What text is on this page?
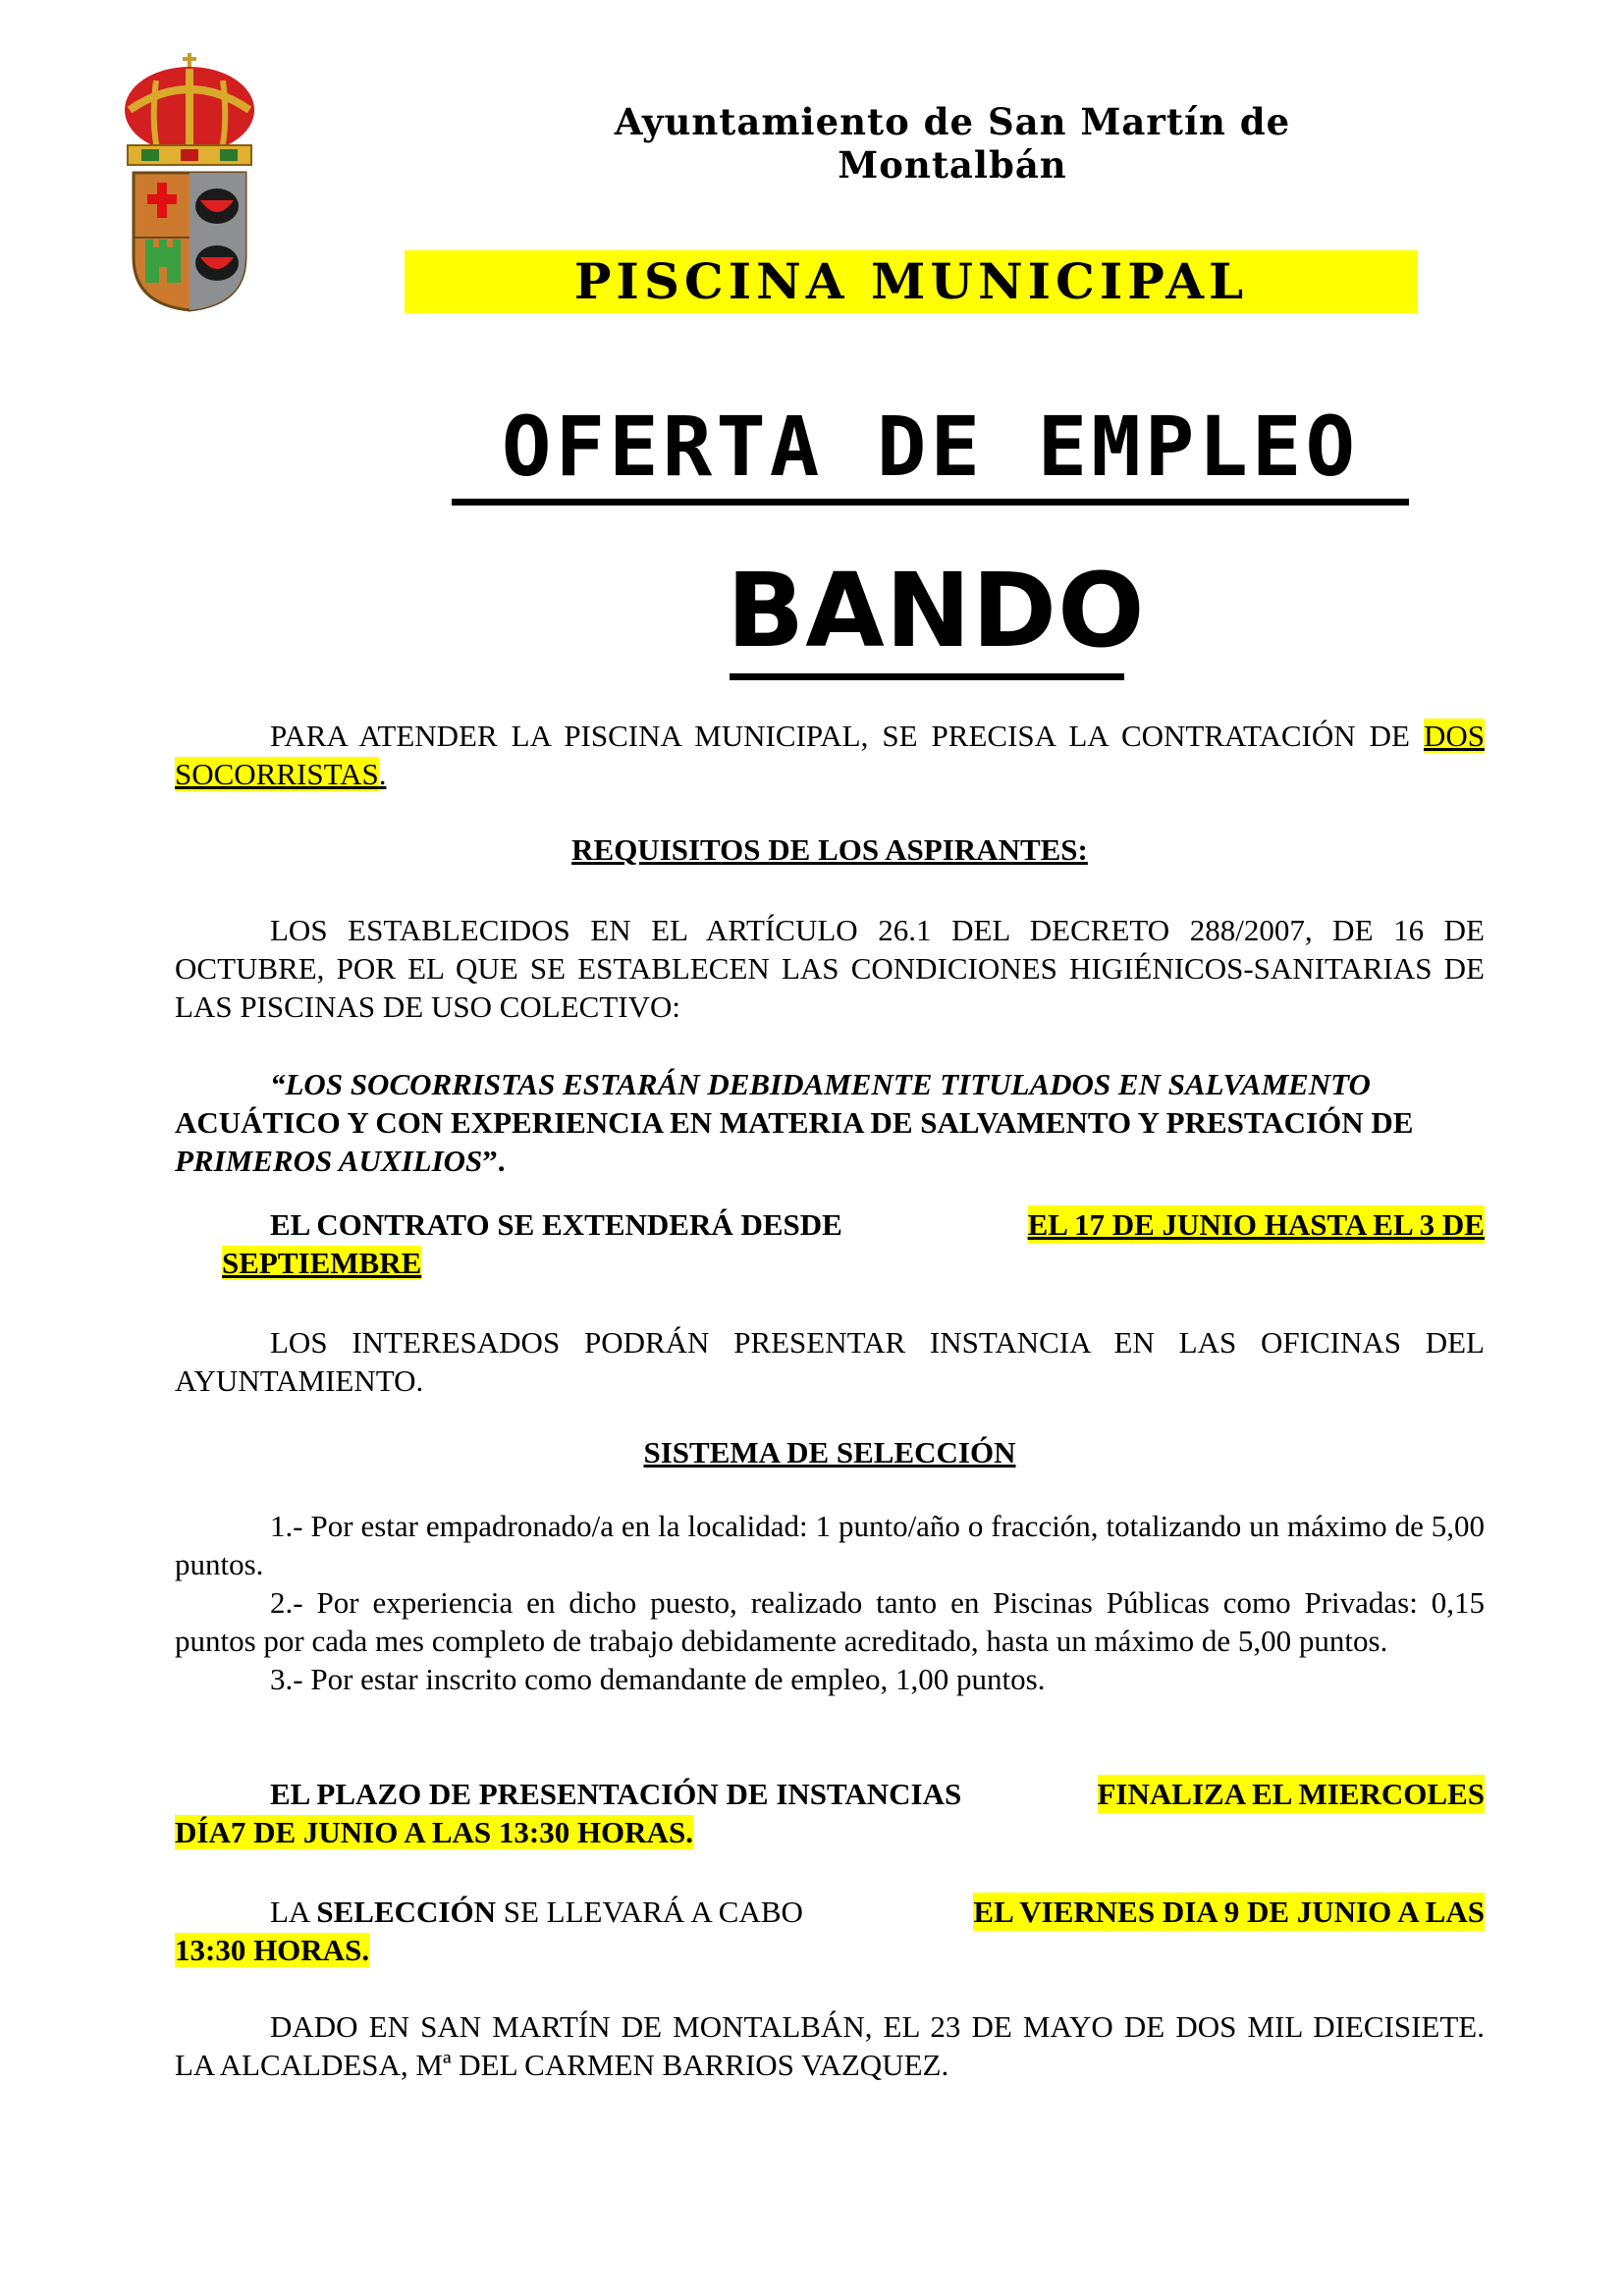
Ayuntamiento de San Martín de
Montalbán
PISCINA MUNICIPAL
OFERTA DE EMPLEO
BANDO
PARA ATENDER LA PISCINA MUNICIPAL, SE PRECISA LA CONTRATACIÓN DE DOS SOCORRISTAS.
REQUISITOS DE LOS ASPIRANTES:
LOS ESTABLECIDOS EN EL ARTÍCULO 26.1 DEL DECRETO 288/2007, DE 16 DE OCTUBRE, POR EL QUE SE ESTABLECEN LAS CONDICIONES HIGIÉNICOS-SANITARIAS DE LAS PISCINAS DE USO COLECTIVO:
“LOS SOCORRISTAS ESTARÁN DEBIDAMENTE TITULADOS EN SALVAMENTO
ACUÁTICO Y CON EXPERIENCIA EN MATERIA DE SALVAMENTO Y PRESTACIÓN DE
PRIMEROS AUXILIOS”.
EL CONTRATO SE EXTENDERÁ DESDE	EL 17 DE JUNIO HASTA EL 3 DE
SEPTIEMBRE
LOS INTERESADOS PODRÁN PRESENTAR INSTANCIA EN LAS OFICINAS DEL AYUNTAMIENTO.
SISTEMA DE SELECCIÓN

1.- Por estar empadronado/a en la localidad: 1 punto/año o fracción, totalizando un máximo de 5,00 puntos.

2.- Por experiencia en dicho puesto, realizado tanto en Piscinas Públicas como Privadas: 0,15 puntos por cada mes completo de trabajo debidamente acreditado, hasta un máximo de 5,00 puntos.

3.- Por estar inscrito como demandante de empleo, 1,00 puntos.

EL PLAZO DE PRESENTACIÓN DE INSTANCIAS	FINALIZA EL MIERCOLES
DÍA7 DE JUNIO A LAS 13:30 HORAS.
LA SELECCIÓN SE LLEVARÁ A CABO	EL VIERNES DIA 9 DE JUNIO A LAS
13:30 HORAS.
DADO EN SAN MARTÍN DE MONTALBÁN, EL 23 DE MAYO DE DOS MIL DIECISIETE. LA ALCALDESA, Mª DEL CARMEN BARRIOS VAZQUEZ.
